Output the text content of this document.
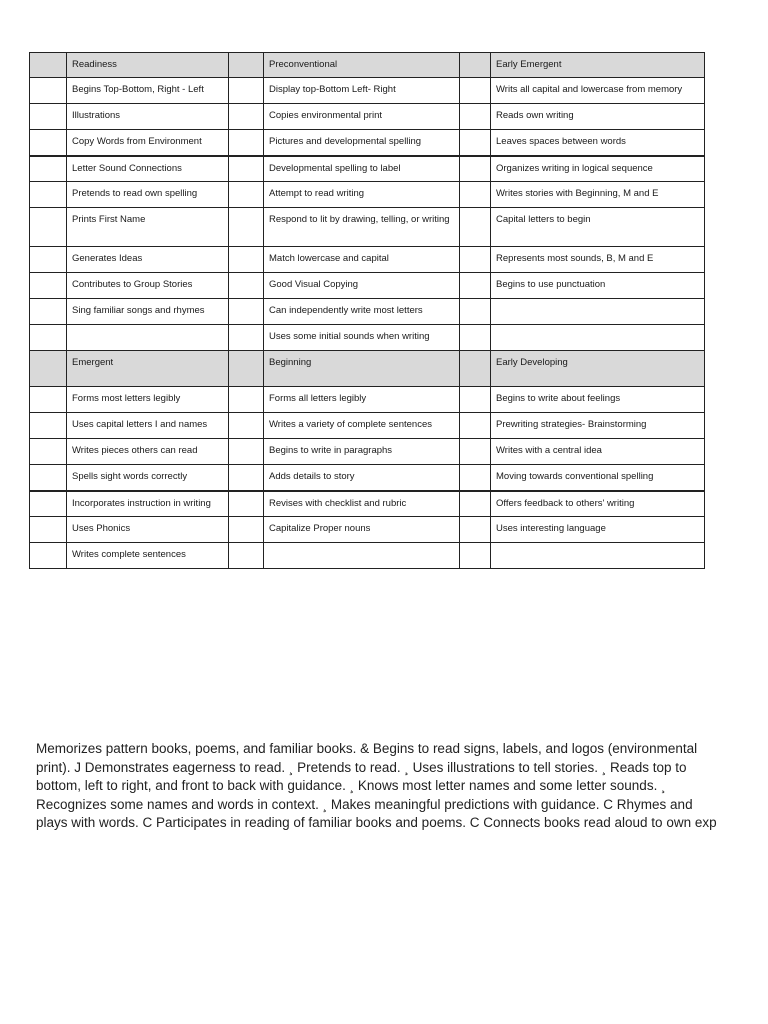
	Readiness		Preconventional		Early Emergent
	Begins Top-Bottom, Right - Left		Display top-Bottom Left- Right		Writs all capital and lowercase from memory
	Illustrations		Copies environmental print		Reads own writing
	Copy Words from Environment		Pictures and developmental spelling		Leaves spaces between words
	Letter Sound Connections		Developmental spelling to label		Organizes writing in logical sequence
	Pretends to read own spelling		Attempt to read writing		Writes stories with Beginning, M and E
	Prints First Name		Respond to lit by drawing, telling, or writing		Capital letters to begin
	Generates Ideas		Match lowercase and capital		Represents most sounds, B, M and E
	Contributes to Group Stories		Good Visual Copying		Begins to use punctuation
	Sing familiar songs and rhymes		Can independently write most letters		
			Uses some initial sounds when writing		
	Emergent		Beginning		Early Developing
	Forms most letters legibly		Forms all letters legibly		Begins to write about feelings
	Uses capital letters I and names		Writes a variety of complete sentences		Prewriting strategies- Brainstorming
	Writes pieces others can read		Begins to write in paragraphs		Writes with a central idea
	Spells sight words correctly		Adds details to story		Moving towards conventional spelling
	Incorporates instruction in writing		Revises with checklist and rubric		Offers feedback to others' writing
	Uses Phonics		Capitalize Proper nouns		Uses interesting language
	Writes complete sentences				
Memorizes pattern books, poems, and familiar books. & Begins to read signs, labels, and logos (environmental print). J Demonstrates eagerness to read. ¸ Pretends to read. ¸ Uses illustrations to tell stories. ¸ Reads top to bottom, left to right, and front to back with guidance. ¸ Knows most letter names and some letter sounds. ¸ Recognizes some names and words in context. ¸ Makes meaningful predictions with guidance. C Rhymes and plays with words. C Participates in reading of familiar books and poems. C Connects books read aloud to own exp
